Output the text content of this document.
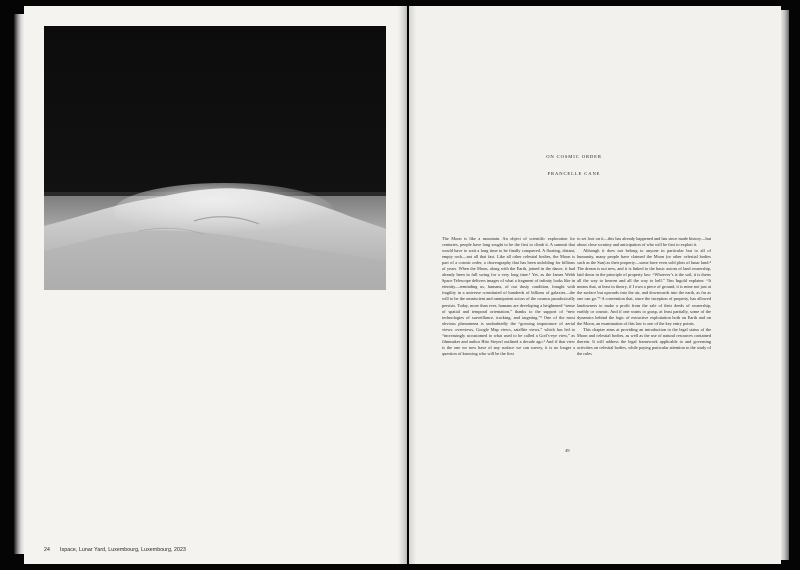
24 Ispace, Lunar Yard, Luxembourg, Luxembourg, 2023
ON COSMIC ORDER
FRANCELLE CANE

The Moon is like a mountain. An object of scientific exploration for centuries, people have long sought to be the first to climb it. A summit that would have to wait a long time to be finally conquered. A floating, distant, empty rock—not all that fast. Like all other celestial bodies, the Moon is part of a cosmic order, a choreography that has been unfolding for billions of years. When the Moon, along with the Earth, joined in the dance, it had already been in full swing for a very long time.¹ Yet, as the James Webb Space Telescope delivers images of what a fragment of infinity looks like in eternity—reminding us, humans, of our dusty condition, fraught with fragility in a universe constituted of hundreds of billions of galaxies—the will to be the omniscient and omnipotent actors of the cosmos paradoxically persists. Today, more than ever, humans are developing a heightened “sense of spatial and temporal orientation,” thanks to the support of “new technologies of surveillance, tracking, and targeting.”² One of the most obvious phenomena is undoubtedly the “growing importance of aerial views: overviews, Google Map views, satellite views,” which has led to “increasingly accustomed to what used to be called a God’s-eye view,” as filmmaker and author Hito Steyerl outlined a decade ago.³ And if that view is the one we now have of any surface we can survey, it is no longer a question of knowing who will be the first

to set foot on it—this has already happened and has since made history—but about close scrutiny and anticipation of who will be first to exploit it.

Although it does not belong to anyone in particular but to all of humanity, many people have claimed the Moon (or other celestial bodies such as the Sun) as their property—some have even sold plots of lunar land.⁴ The dream is not new, and it is linked to the basic axiom of land ownership, laid down in the principle of property law: “Whoever’s is the soil, it is theirs all the way to heaven and all the way to hell.” Tim Ingold explains: “It means that, at least in theory, if I own a piece of ground, it is mine not just at the surface but upwards into the air, and downwards into the earth, as far as one can go.”⁵ A convention that, since the inception of property, has allowed landowners to make a profit from the sale of their deeds of ownership, earthly or cosmic. And if one wants to grasp, at least partially, some of the dynamics behind the logic of extractive exploitation both on Earth and on the Moon, an examination of this law is one of the key entry points.

This chapter aims at providing an introduction to the legal status of the Moon and celestial bodies, as well as the use of natural resources contained therein. It will address the legal framework applicable to and governing activities on celestial bodies, while paying particular attention to the study of the rules

49
